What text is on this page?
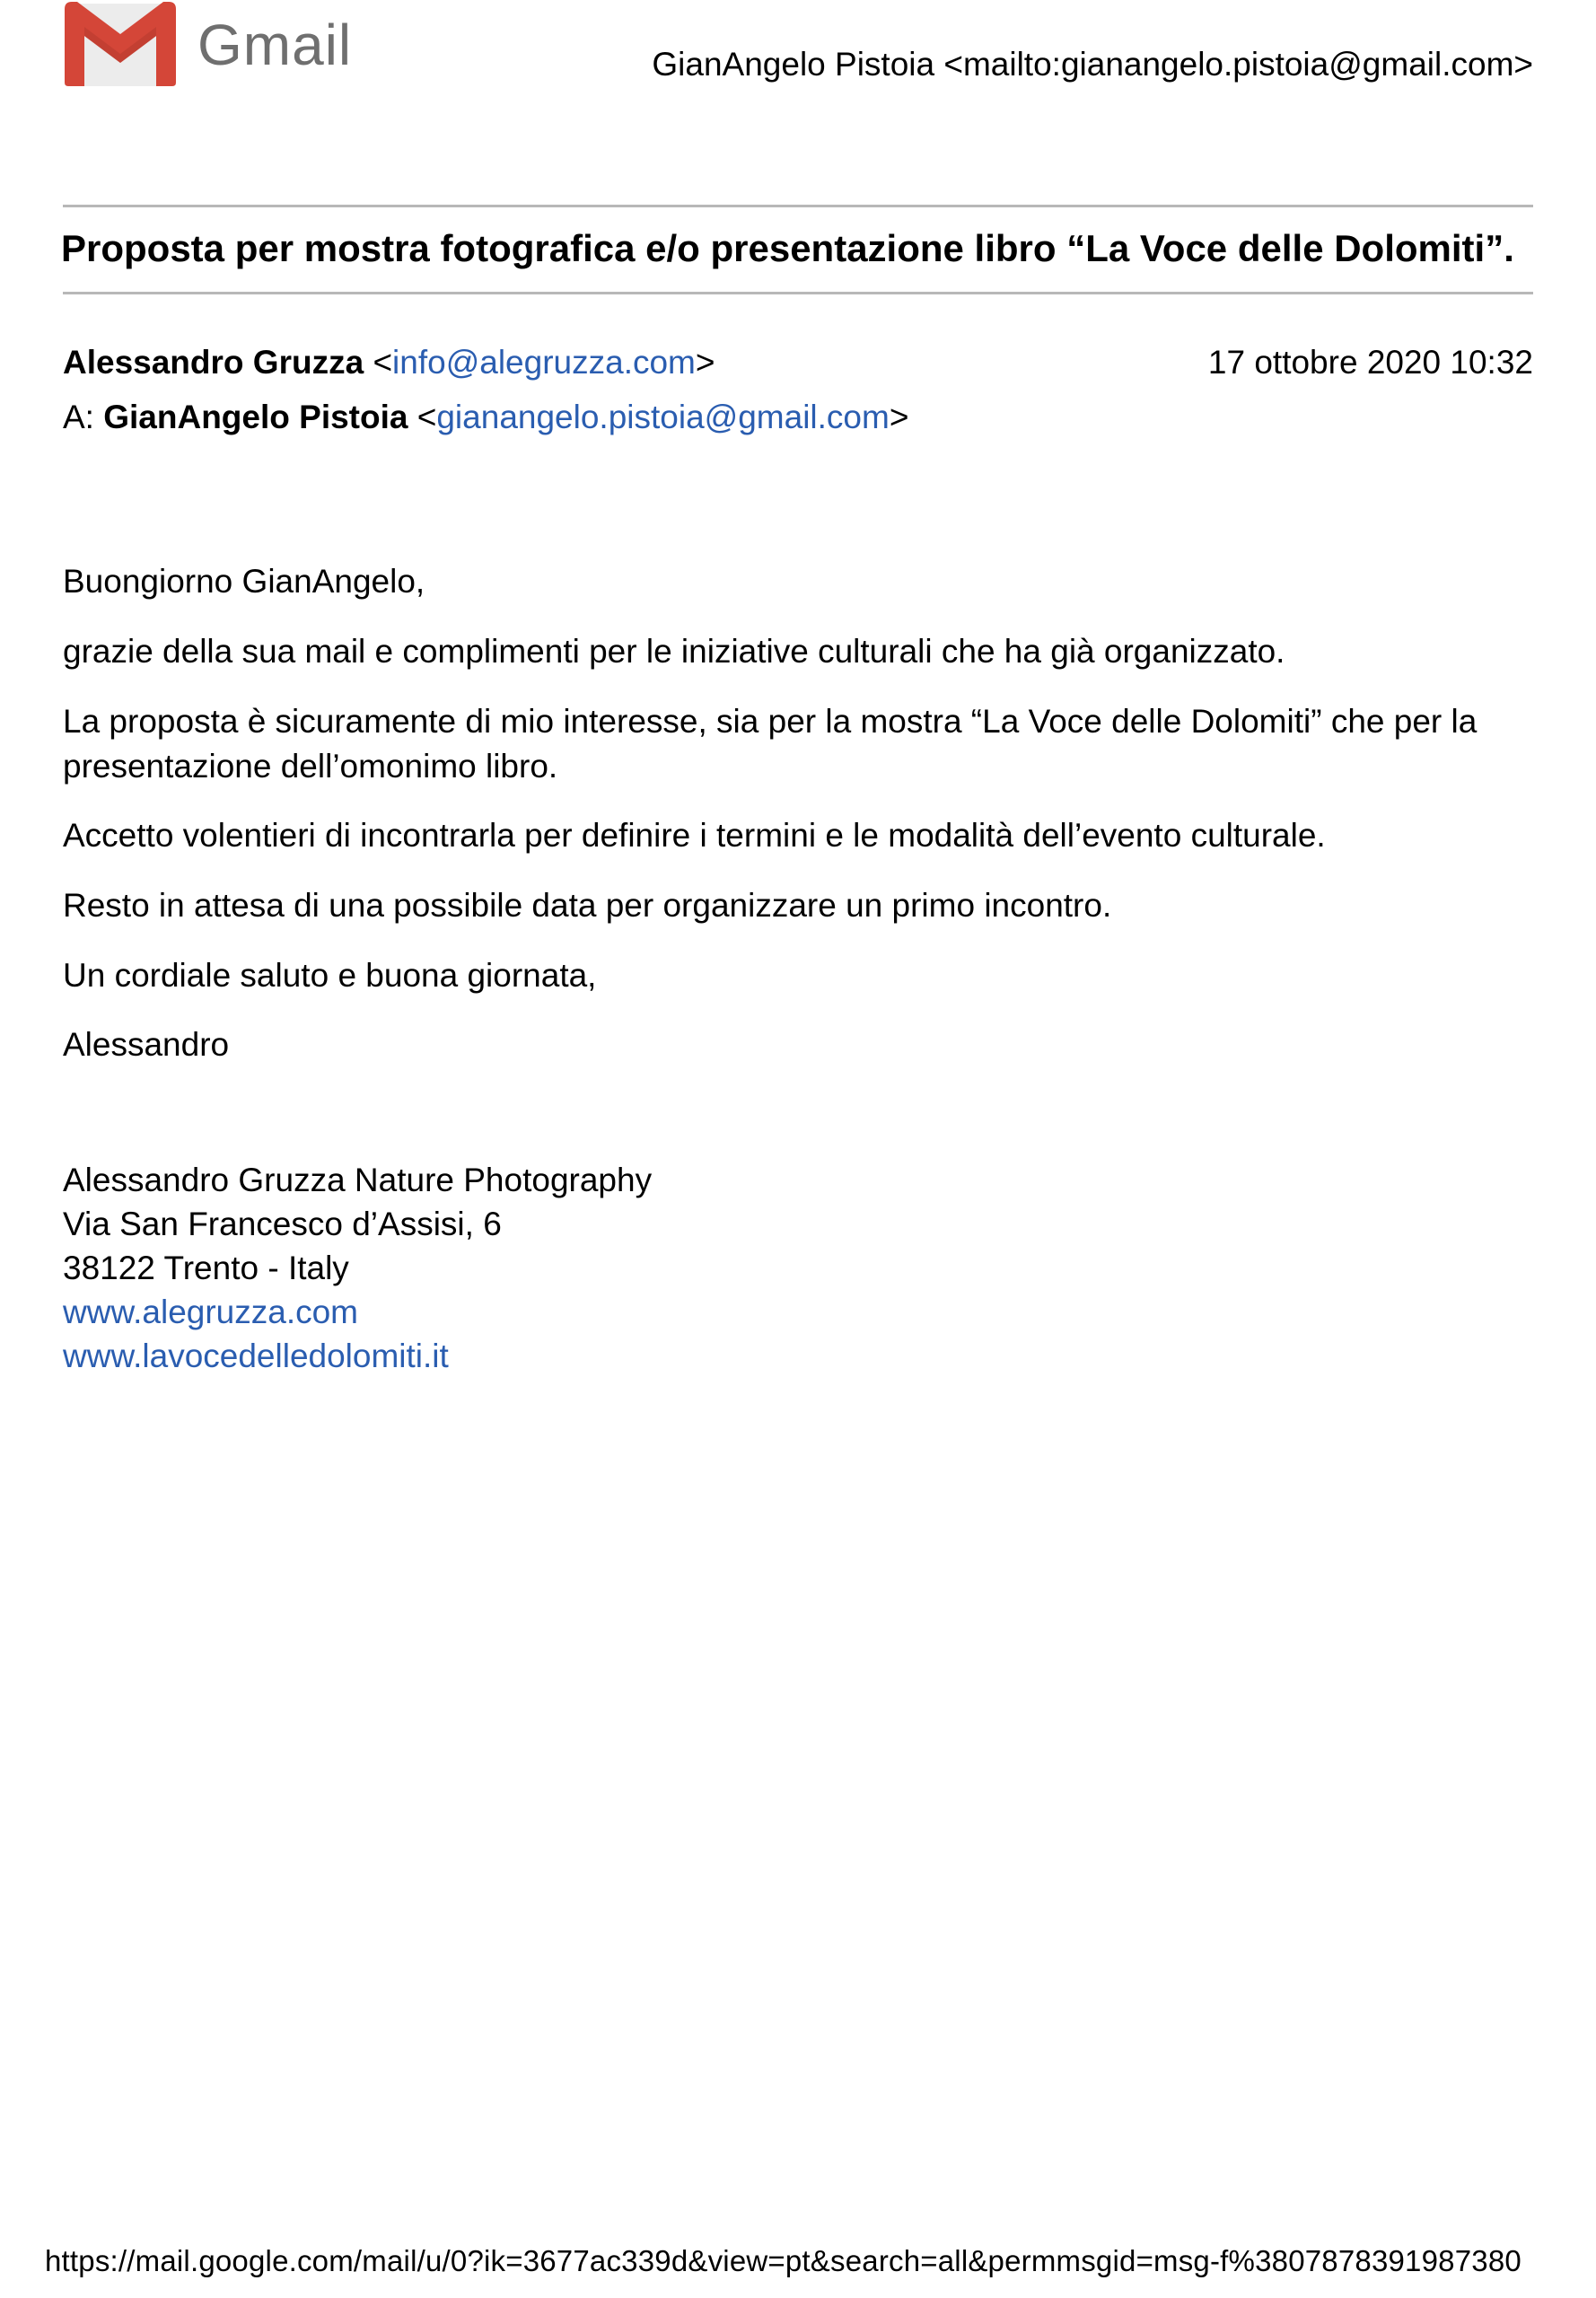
Gmail	GianAngelo Pistoia <mailto:gianangelo.pistoia@gmail.com>
Proposta per mostra fotografica e/o presentazione libro “La Voce delle Dolomiti”.
Alessandro Gruzza <info@alegruzza.com>	17 ottobre 2020 10:32
A: GianAngelo Pistoia <gianangelo.pistoia@gmail.com>
Buongiorno GianAngelo,
grazie della sua mail e complimenti per le iniziative culturali che ha già organizzato.
La proposta è sicuramente di mio interesse, sia per la mostra “La Voce delle Dolomiti” che per la presentazione dell’omonimo libro.
Accetto volentieri di incontrarla per definire i termini e le modalità dell’evento culturale.
Resto in attesa di una possibile data per organizzare un primo incontro.
Un cordiale saluto e buona giornata,
Alessandro
Alessandro Gruzza Nature Photography
Via San Francesco d’Assisi, 6
38122 Trento - Italy
www.alegruzza.com
www.lavocedelledolomiti.it
https://mail.google.com/mail/u/0?ik=3677ac339d&view=pt&search=all&permmsgid=msg-f%3807878391987380
